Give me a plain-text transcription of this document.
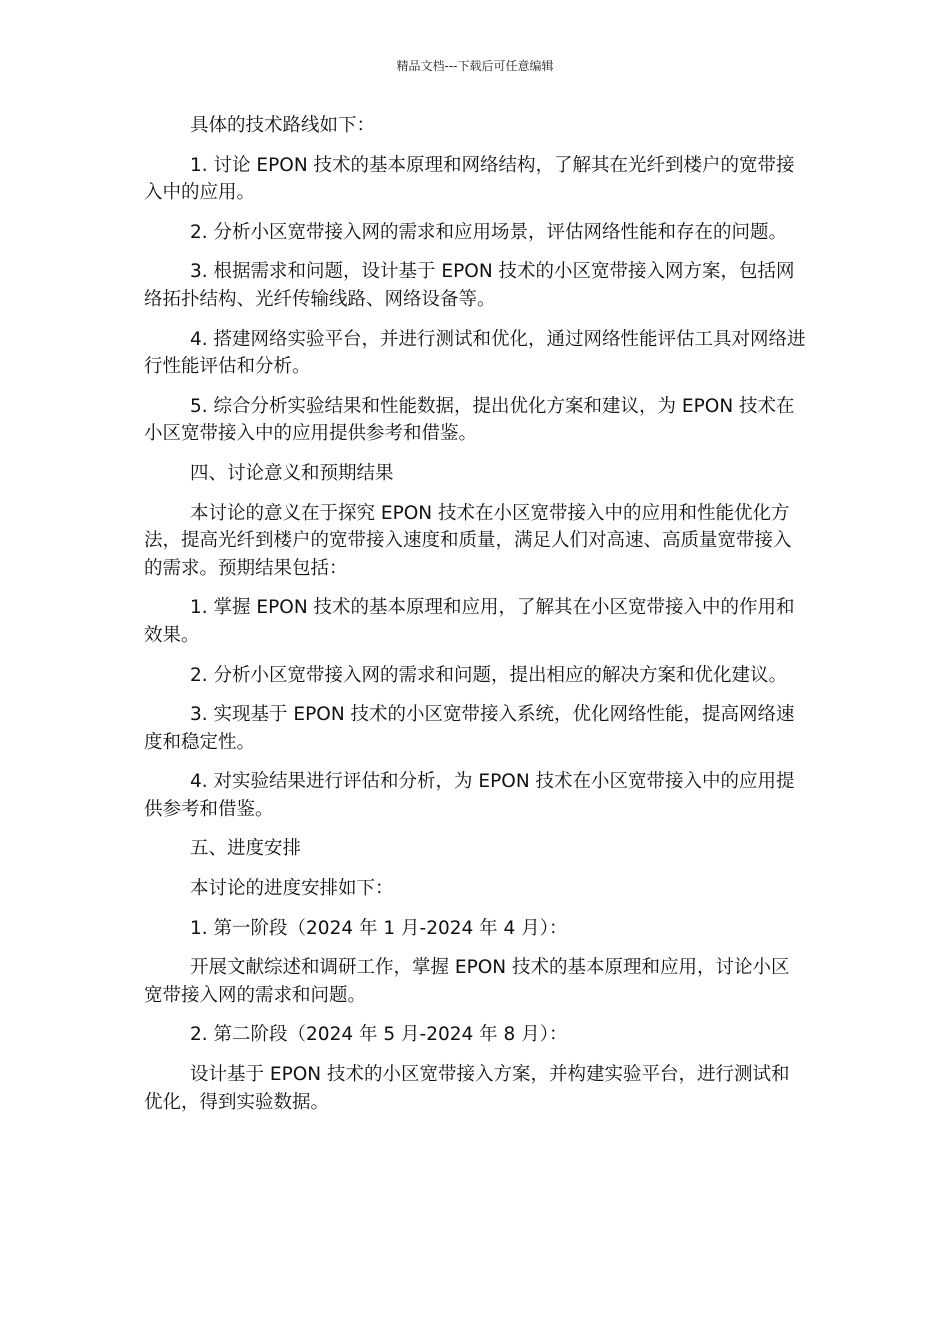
精品文档---下载后可任意编辑

具体的技术路线如下：

1. 讨论 EPON 技术的基本原理和网络结构，了解其在光纤到楼户的宽带接入中的应用。

2. 分析小区宽带接入网的需求和应用场景，评估网络性能和存在的问题。

3. 根据需求和问题，设计基于 EPON 技术的小区宽带接入网方案，包括网络拓扑结构、光纤传输线路、网络设备等。

4. 搭建网络实验平台，并进行测试和优化，通过网络性能评估工具对网络进行性能评估和分析。

5. 综合分析实验结果和性能数据，提出优化方案和建议，为 EPON 技术在小区宽带接入中的应用提供参考和借鉴。

四、讨论意义和预期结果

本讨论的意义在于探究 EPON 技术在小区宽带接入中的应用和性能优化方法，提高光纤到楼户的宽带接入速度和质量，满足人们对高速、高质量宽带接入的需求。预期结果包括：

1. 掌握 EPON 技术的基本原理和应用，了解其在小区宽带接入中的作用和效果。

2. 分析小区宽带接入网的需求和问题，提出相应的解决方案和优化建议。

3. 实现基于 EPON 技术的小区宽带接入系统，优化网络性能，提高网络速度和稳定性。

4. 对实验结果进行评估和分析，为 EPON 技术在小区宽带接入中的应用提供参考和借鉴。

五、进度安排

本讨论的进度安排如下：

1. 第一阶段（2024 年 1 月-2024 年 4 月）：

开展文献综述和调研工作，掌握 EPON 技术的基本原理和应用，讨论小区宽带接入网的需求和问题。

2. 第二阶段（2024 年 5 月-2024 年 8 月）：

设计基于 EPON 技术的小区宽带接入方案，并构建实验平台，进行测试和优化，得到实验数据。
